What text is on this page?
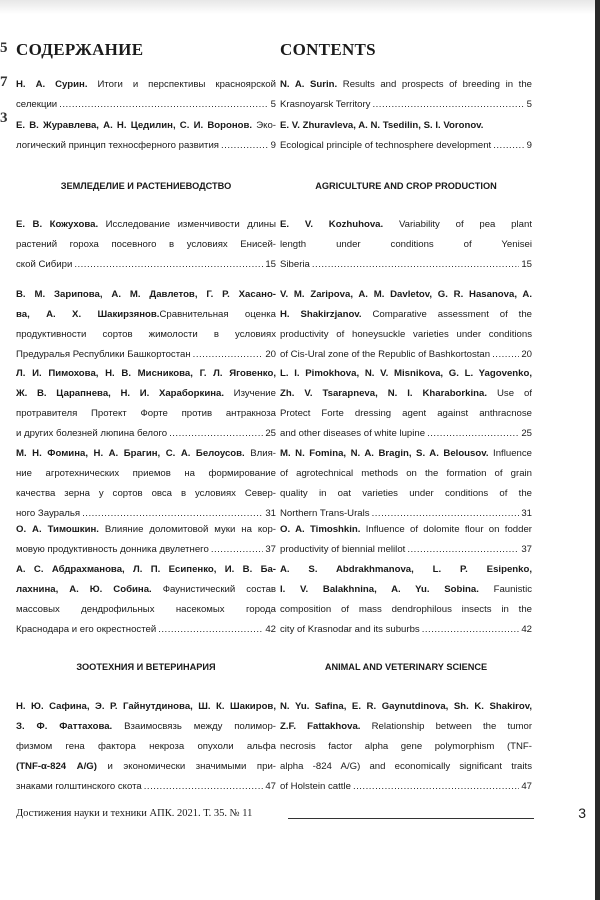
5
7
3
СОДЕРЖАНИЕ
Н. А. Сурин. Итоги и перспективы красноярской
селекции .....	5
Е. В. Журавлева, А. Н. Цедилин, С. И. Воронов. Эко-
логический принцип техносферного развития .....	9
ЗЕМЛЕДЕЛИЕ И РАСТЕНИЕВОДСТВО
Е. В. Кожухова. Исследование изменчивости длины
растений гороха посевного в условиях Енисей-
ской Сибири .....	15
В. М. Зарипова, А. М. Давлетов, Г. Р. Хасано-
ва, А. Х. Шакирзянов.Сравнительная оценка
продуктивности сортов жимолости в условиях
Предуралья Республики Башкортостан .....	20
Л. И. Пимохова, Н. В. Мисникова, Г. Л. Яговенко,
Ж. В. Царапнева, Н. И. Хараборкина. Изучение
протравителя Протект Форте против антракноза
и других болезней люпина белого .....	25
М. Н. Фомина, Н. А. Брагин, С. А. Белоусов. Влия-
ние агротехнических приемов на формирование
качества зерна у сортов овса в условиях Север-
ного Зауралья .....	31
О. А. Тимошкин. Влияние доломитовой муки на кор-
мовую продуктивность донника двулетнего .....	37
А. С. Абдрахманова, Л. П. Есипенко, И. В. Ба-
лахнина, А. Ю. Собина. Фаунистический состав
массовых дендрофильных насекомых города
Краснодара и его окрестностей .....	42
ЗООТЕХНИЯ И ВЕТЕРИНАРИЯ
Н. Ю. Сафина, Э. Р. Гайнутдинова, Ш. К. Шакиров,
З. Ф. Фаттахова. Взаимосвязь между полимор-
физмом гена фактора некроза опухоли альфа
(TNF-α-824 A/G) и экономически значимыми при-
знаками голштинского скота .....	47
CONTENTS
N. A. Surin. Results and prospects of breeding in the
Krasnoyarsk Territory .....	5
E. V. Zhuravleva, A. N. Tsedilin, S. I. Voronov.
Ecological principle of technosphere development .....	9
AGRICULTURE AND CROP PRODUCTION
E. V. Kozhuhova. Variability of pea plant
length under conditions of Yenisei
Siberia .....	15
V. M. Zaripova, A. M. Davletov, G. R. Hasanova, A.
H. Shakirzjanov. Comparative assessment of the
productivity of honeysuckle varieties under conditions
of Cis-Ural zone of the Republic of Bashkortostan .....	20
L. I. Pimokhova, N. V. Misnikova, G. L. Yagovenko,
Zh. V. Tsarapneva, N. I. Kharaborkina. Use of
Protect Forte dressing agent against anthracnose
and other diseases of white lupine .....	25
M. N. Fomina, N. A. Bragin, S. A. Belousov. Influence
of agrotechnical methods on the formation of grain
quality in oat varieties under conditions of the
Northern Trans-Urals .....	31
O. A. Timoshkin. Influence of dolomite flour on fodder
productivity of biennial melilot .....	37
A. S. Abdrakhmanova, L. P. Esipenko,
I. V. Balakhnina, A. Yu. Sobina. Faunistic
composition of mass dendrophilous insects in the
city of Krasnodar and its suburbs .....	42
ANIMAL AND VETERINARY SCIENCE
N. Yu. Safina, E. R. Gaynutdinova, Sh. K. Shakirov,
Z.F. Fattakhova. Relationship between the tumor
necrosis factor alpha gene polymorphism (TNF-
alpha -824 A/G) and economically significant traits
of Holstein cattle .....	47
Достижения науки и техники АПК. 2021. Т. 35. № 11	3
